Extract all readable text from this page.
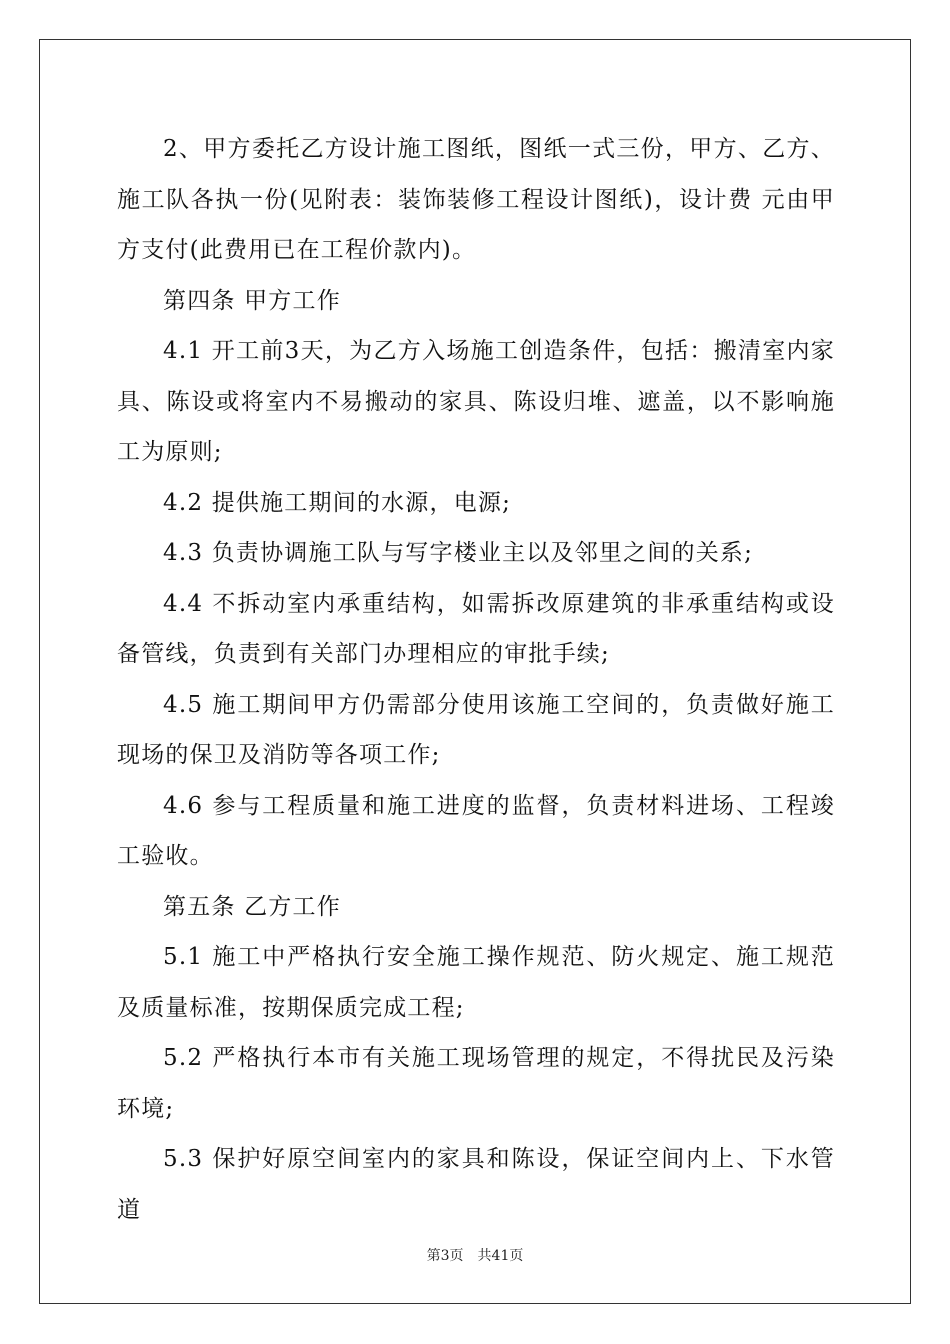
2、甲方委托乙方设计施工图纸，图纸一式三份，甲方、乙方、施工队各执一份(见附表：装饰装修工程设计图纸)，设计费 元由甲方支付(此费用已在工程价款内)。

第四条 甲方工作

4.1 开工前3天，为乙方入场施工创造条件，包括：搬清室内家具、陈设或将室内不易搬动的家具、陈设归堆、遮盖，以不影响施工为原则;

4.2 提供施工期间的水源，电源;

4.3 负责协调施工队与写字楼业主以及邻里之间的关系;

4.4 不拆动室内承重结构，如需拆改原建筑的非承重结构或设备管线，负责到有关部门办理相应的审批手续;

4.5 施工期间甲方仍需部分使用该施工空间的，负责做好施工现场的保卫及消防等各项工作;

4.6 参与工程质量和施工进度的监督，负责材料进场、工程竣工验收。

第五条 乙方工作

5.1 施工中严格执行安全施工操作规范、防火规定、施工规范及质量标准，按期保质完成工程;

5.2 严格执行本市有关施工现场管理的规定，不得扰民及污染环境;

5.3 保护好原空间室内的家具和陈设，保证空间内上、下水管道

第3页 共41页
